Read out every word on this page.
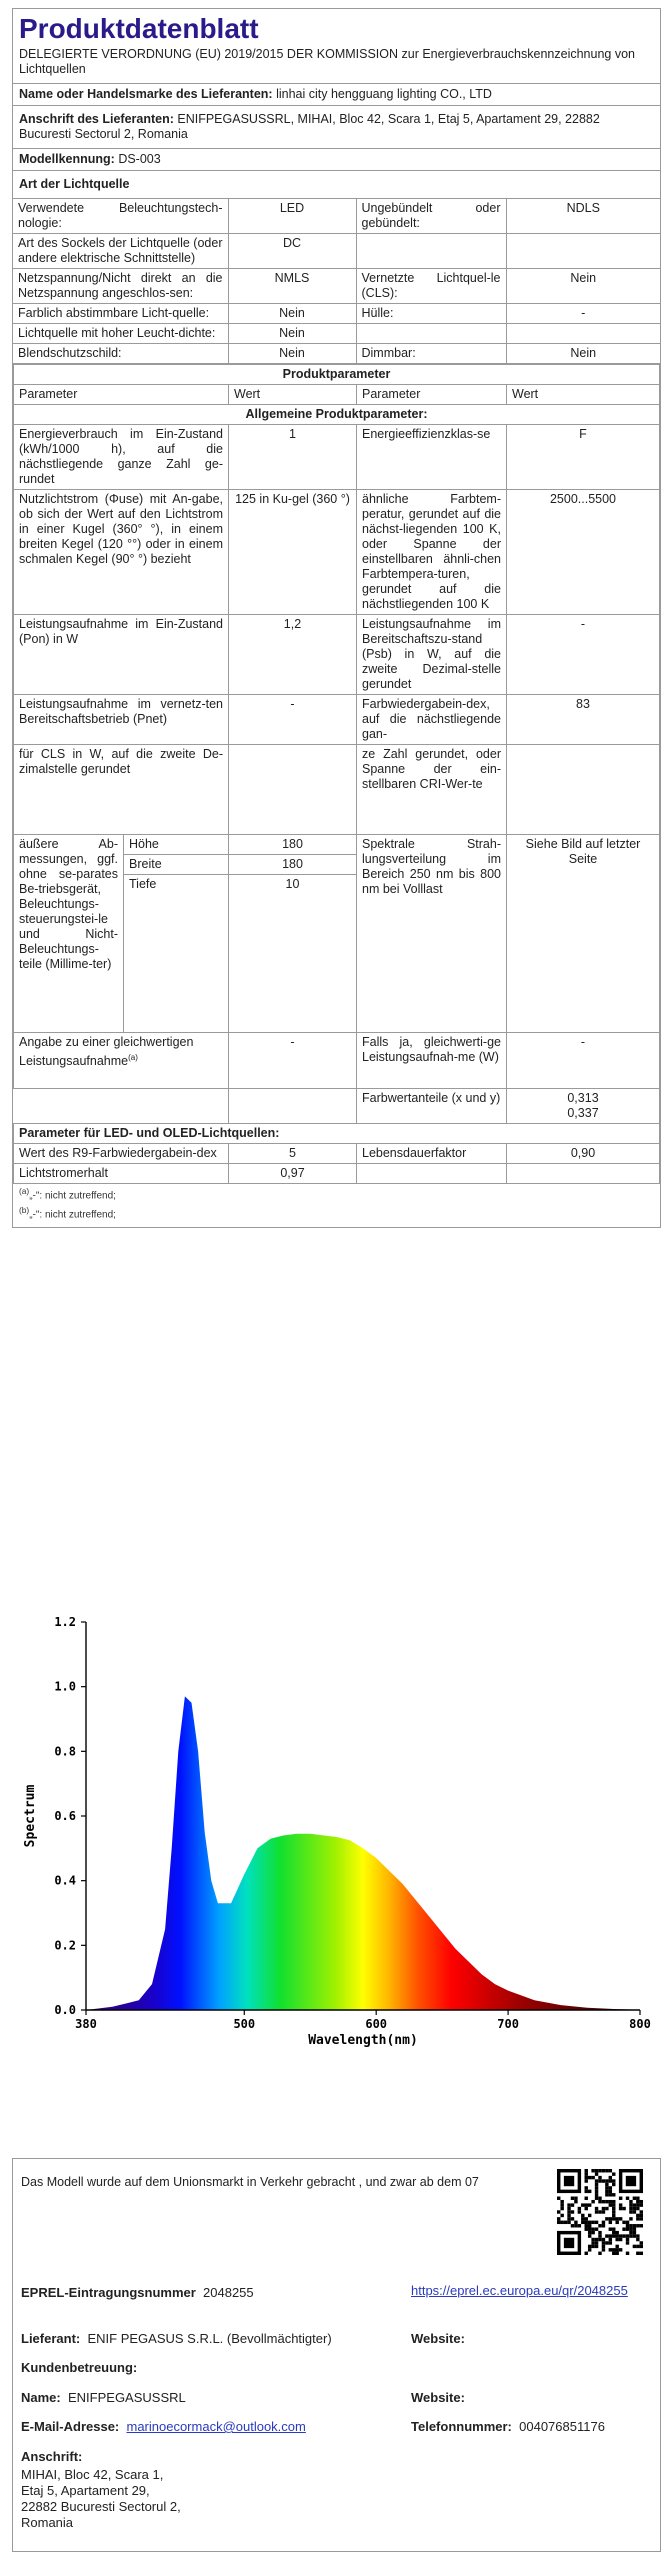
Produktdatenblatt
DELEGIERTE VERORDNUNG (EU) 2019/2015 DER KOMMISSION zur Energieverbrauchskennzeichnung von Lichtquellen
Name oder Handelsmarke des Lieferanten: linhai city hengguang lighting CO., LTD
Anschrift des Lieferanten: ENIFPEGASUSSRL, MIHAI, Bloc 42, Scara 1, Etaj 5, Apartament 29, 22882 Bucuresti Sectorul 2, Romania
Modellkennung: DS-003
Art der Lichtquelle
Verwendete Beleuchtungstech-nologie:	LED	Ungebündelt oder gebündelt:	NDLS
Art des Sockels der Lichtquelle (oder andere elektrische Schnittstelle)	DC		
Netzspannung/Nicht direkt an die Netzspannung angeschlos-sen:	NMLS	Vernetzte Lichtquel-le (CLS):	Nein
Farblich abstimmbare Licht-quelle:	Nein	Hülle:	-
Lichtquelle mit hoher Leucht-dichte:	Nein		
Blendschutzschild:	Nein	Dimmbar:	Nein
Produktparameter				
Parameter		Wert	Parameter	Wert
Allgemeine Produktparameter:				
Energieverbrauch im Ein-Zustand (kWh/1000 h), auf die nächstliegende ganze Zahl ge-rundet		1	Energieeffizienzklas-se	F
Nutzlichtstrom (Φuse) mit An-gabe, ob sich der Wert auf den Lichtstrom in einer Kugel (360° °), in einem breiten Kegel (120 °°) oder in einem schmalen Kegel (90° °) bezieht		125 in Ku-gel (360 °)	ähnliche Farbtem-peratur, gerundet auf die nächst-liegenden 100 K, oder Spanne der einstellbaren ähnli-chen Farbtempera-turen, gerundet auf die nächstliegenden 100 K	2500...5500
Leistungsaufnahme im Ein-Zustand (Pon) in W		1,2	Leistungsaufnahme im Bereitschaftszu-stand (Psb) in W, auf die zweite Dezimal-stelle gerundet	-
Leistungsaufnahme im vernetz-ten Bereitschaftsbetrieb (Pnet)		-	Farbwiedergabein-dex, auf die nächstliegende gan-	83
für CLS in W, auf die zweite De-zimalstelle gerundet			ze Zahl gerundet, oder Spanne der ein-stellbaren CRI-Wer-te	
äußere Ab-messungen, ggf. ohne se-parates Be-triebsgerät, Beleuchtungs-steuerungstei-le und Nicht-Beleuchtungs-teile (Millime-ter)	Höhe	180	Spektrale Strah-lungsverteilung im Bereich 250 nm bis 800 nm bei Volllast	Siehe Bild auf letzter Seite
	Breite	180		
	Tiefe	10		
Angabe zu einer gleichwertigen Leistungsaufnahme$^{(a)}$		-	Falls ja, gleichwerti-ge Leistungsaufnah-me (W)	-
			Farbwertanteile (x und y)	0,313
0,337
Parameter für LED- und OLED-Lichtquellen:				
Wert des R9-Farbwiedergabein-dex		5	Lebensdauerfaktor	0,90
Lichtstromerhalt		0,97		
$^{(a)}$„-": nicht zutreffend;
$^{(b)}$„-": nicht zutreffend;
0.0
0.2
0.4
0.6
0.8
1.0
1.2
380	500	600	700	800
Wavelength(nm)
Spectrum
Das Modell wurde auf dem Unionsmarkt in Verkehr gebracht , und zwar ab dem 07
EPREL-Eintragungsnummer 2048255	https://eprel.ec.europa.eu/qr/2048255
Lieferant: ENIF PEGASUS S.R.L. (Bevollmächtigter)	Website:
Kundenbetreuung:
Name: ENIFPEGASUSSRL	Website:
E-Mail-Adresse: marinoecormack@outlook.com	Telefonnummer: 004076851176
Anschrift:
MIHAI, Bloc 42, Scara 1,
Etaj 5, Apartament 29,
22882 Bucuresti Sectorul 2,
Romania
